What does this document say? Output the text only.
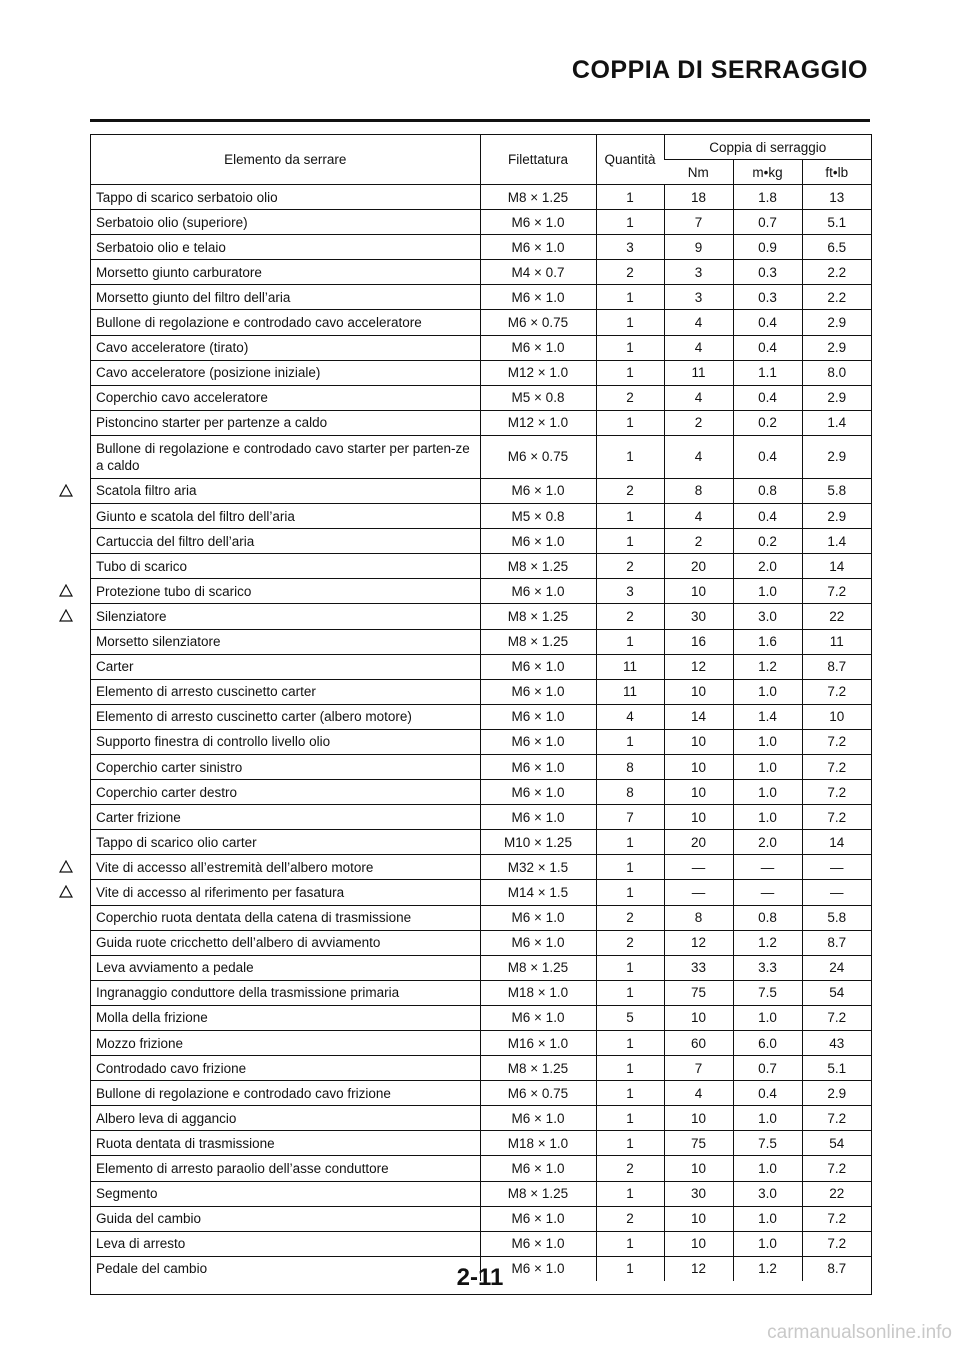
COPPIA DI SERRAGGIO
Elemento da serrare	Filettatura	Quantità	Coppia di serraggio		
			Nm	m•kg	ft•lb
Tappo di scarico serbatoio olio	M8 × 1.25	1	18	1.8	13
Serbatoio olio (superiore)	M6 × 1.0	1	7	0.7	5.1
Serbatoio olio e telaio	M6 × 1.0	3	9	0.9	6.5
Morsetto giunto carburatore	M4 × 0.7	2	3	0.3	2.2
Morsetto giunto del filtro dell’aria	M6 × 1.0	1	3	0.3	2.2
Bullone di regolazione e controdado cavo acceleratore	M6 × 0.75	1	4	0.4	2.9
Cavo acceleratore (tirato)	M6 × 1.0	1	4	0.4	2.9
Cavo acceleratore (posizione iniziale)	M12 × 1.0	1	11	1.1	8.0
Coperchio cavo acceleratore	M5 × 0.8	2	4	0.4	2.9
Pistoncino starter per partenze a caldo	M12 × 1.0	1	2	0.2	1.4
Bullone di regolazione e controdado cavo starter per parten-ze a caldo	M6 × 0.75	1	4	0.4	2.9
Scatola filtro aria	M6 × 1.0	2	8	0.8	5.8
Giunto e scatola del filtro dell’aria	M5 × 0.8	1	4	0.4	2.9
Cartuccia del filtro dell’aria	M6 × 1.0	1	2	0.2	1.4
Tubo di scarico	M8 × 1.25	2	20	2.0	14
Protezione tubo di scarico	M6 × 1.0	3	10	1.0	7.2
Silenziatore	M8 × 1.25	2	30	3.0	22
Morsetto silenziatore	M8 × 1.25	1	16	1.6	11
Carter	M6 × 1.0	11	12	1.2	8.7
Elemento di arresto cuscinetto carter	M6 × 1.0	11	10	1.0	7.2
Elemento di arresto cuscinetto carter (albero motore)	M6 × 1.0	4	14	1.4	10
Supporto finestra di controllo livello olio	M6 × 1.0	1	10	1.0	7.2
Coperchio carter sinistro	M6 × 1.0	8	10	1.0	7.2
Coperchio carter destro	M6 × 1.0	8	10	1.0	7.2
Carter frizione	M6 × 1.0	7	10	1.0	7.2
Tappo di scarico olio carter	M10 × 1.25	1	20	2.0	14
Vite di accesso all’estremità dell’albero motore	M32 × 1.5	1	—	—	—
Vite di accesso al riferimento per fasatura	M14 × 1.5	1	—	—	—
Coperchio ruota dentata della catena di trasmissione	M6 × 1.0	2	8	0.8	5.8
Guida ruote cricchetto dell’albero di avviamento	M6 × 1.0	2	12	1.2	8.7
Leva avviamento a pedale	M8 × 1.25	1	33	3.3	24
Ingranaggio conduttore della trasmissione primaria	M18 × 1.0	1	75	7.5	54
Molla della frizione	M6 × 1.0	5	10	1.0	7.2
Mozzo frizione	M16 × 1.0	1	60	6.0	43
Controdado cavo frizione	M8 × 1.25	1	7	0.7	5.1
Bullone di regolazione e controdado cavo frizione	M6 × 0.75	1	4	0.4	2.9
Albero leva di aggancio	M6 × 1.0	1	10	1.0	7.2
Ruota dentata di trasmissione	M18 × 1.0	1	75	7.5	54
Elemento di arresto paraolio dell’asse conduttore	M6 × 1.0	2	10	1.0	7.2
Segmento	M8 × 1.25	1	30	3.0	22
Guida del cambio	M6 × 1.0	2	10	1.0	7.2
Leva di arresto	M6 × 1.0	1	10	1.0	7.2
Pedale del cambio	M6 × 1.0	1	12	1.2	8.7
2-11
carmanualsonline.info
